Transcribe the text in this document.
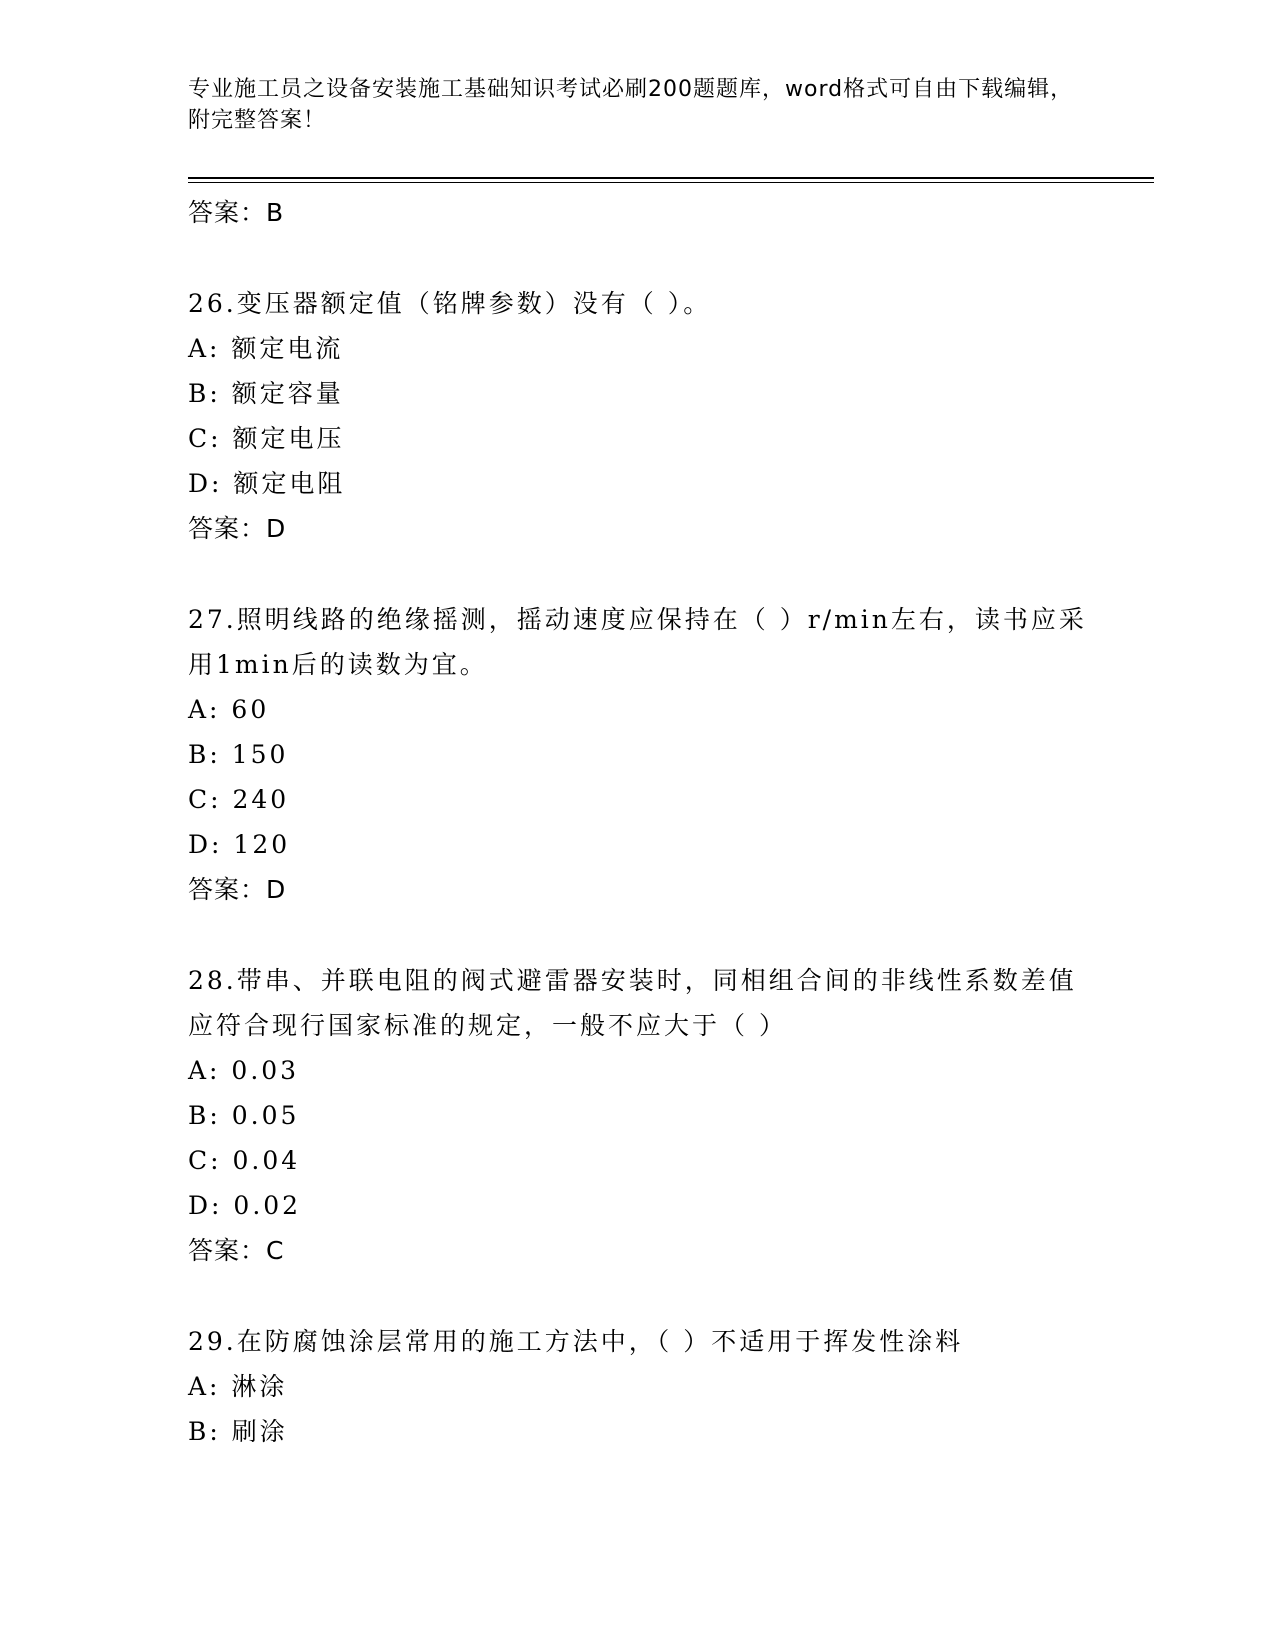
专业施工员之设备安装施工基础知识考试必刷200题题库，word格式可自由下载编辑，附完整答案！
答案：B
26.变压器额定值（铭牌参数）没有（ ）。
A: 额定电流
B: 额定容量
C: 额定电压
D: 额定电阻
答案：D
27.照明线路的绝缘摇测，摇动速度应保持在（ ）r/min左右，读书应采用1min后的读数为宜。
A: 60
B: 150
C: 240
D: 120
答案：D
28.带串、并联电阻的阀式避雷器安装时，同相组合间的非线性系数差值应符合现行国家标准的规定，一般不应大于（ ）
A: 0.03
B: 0.05
C: 0.04
D: 0.02
答案：C
29.在防腐蚀涂层常用的施工方法中，（ ）不适用于挥发性涂料
A: 淋涂
B: 刷涂
